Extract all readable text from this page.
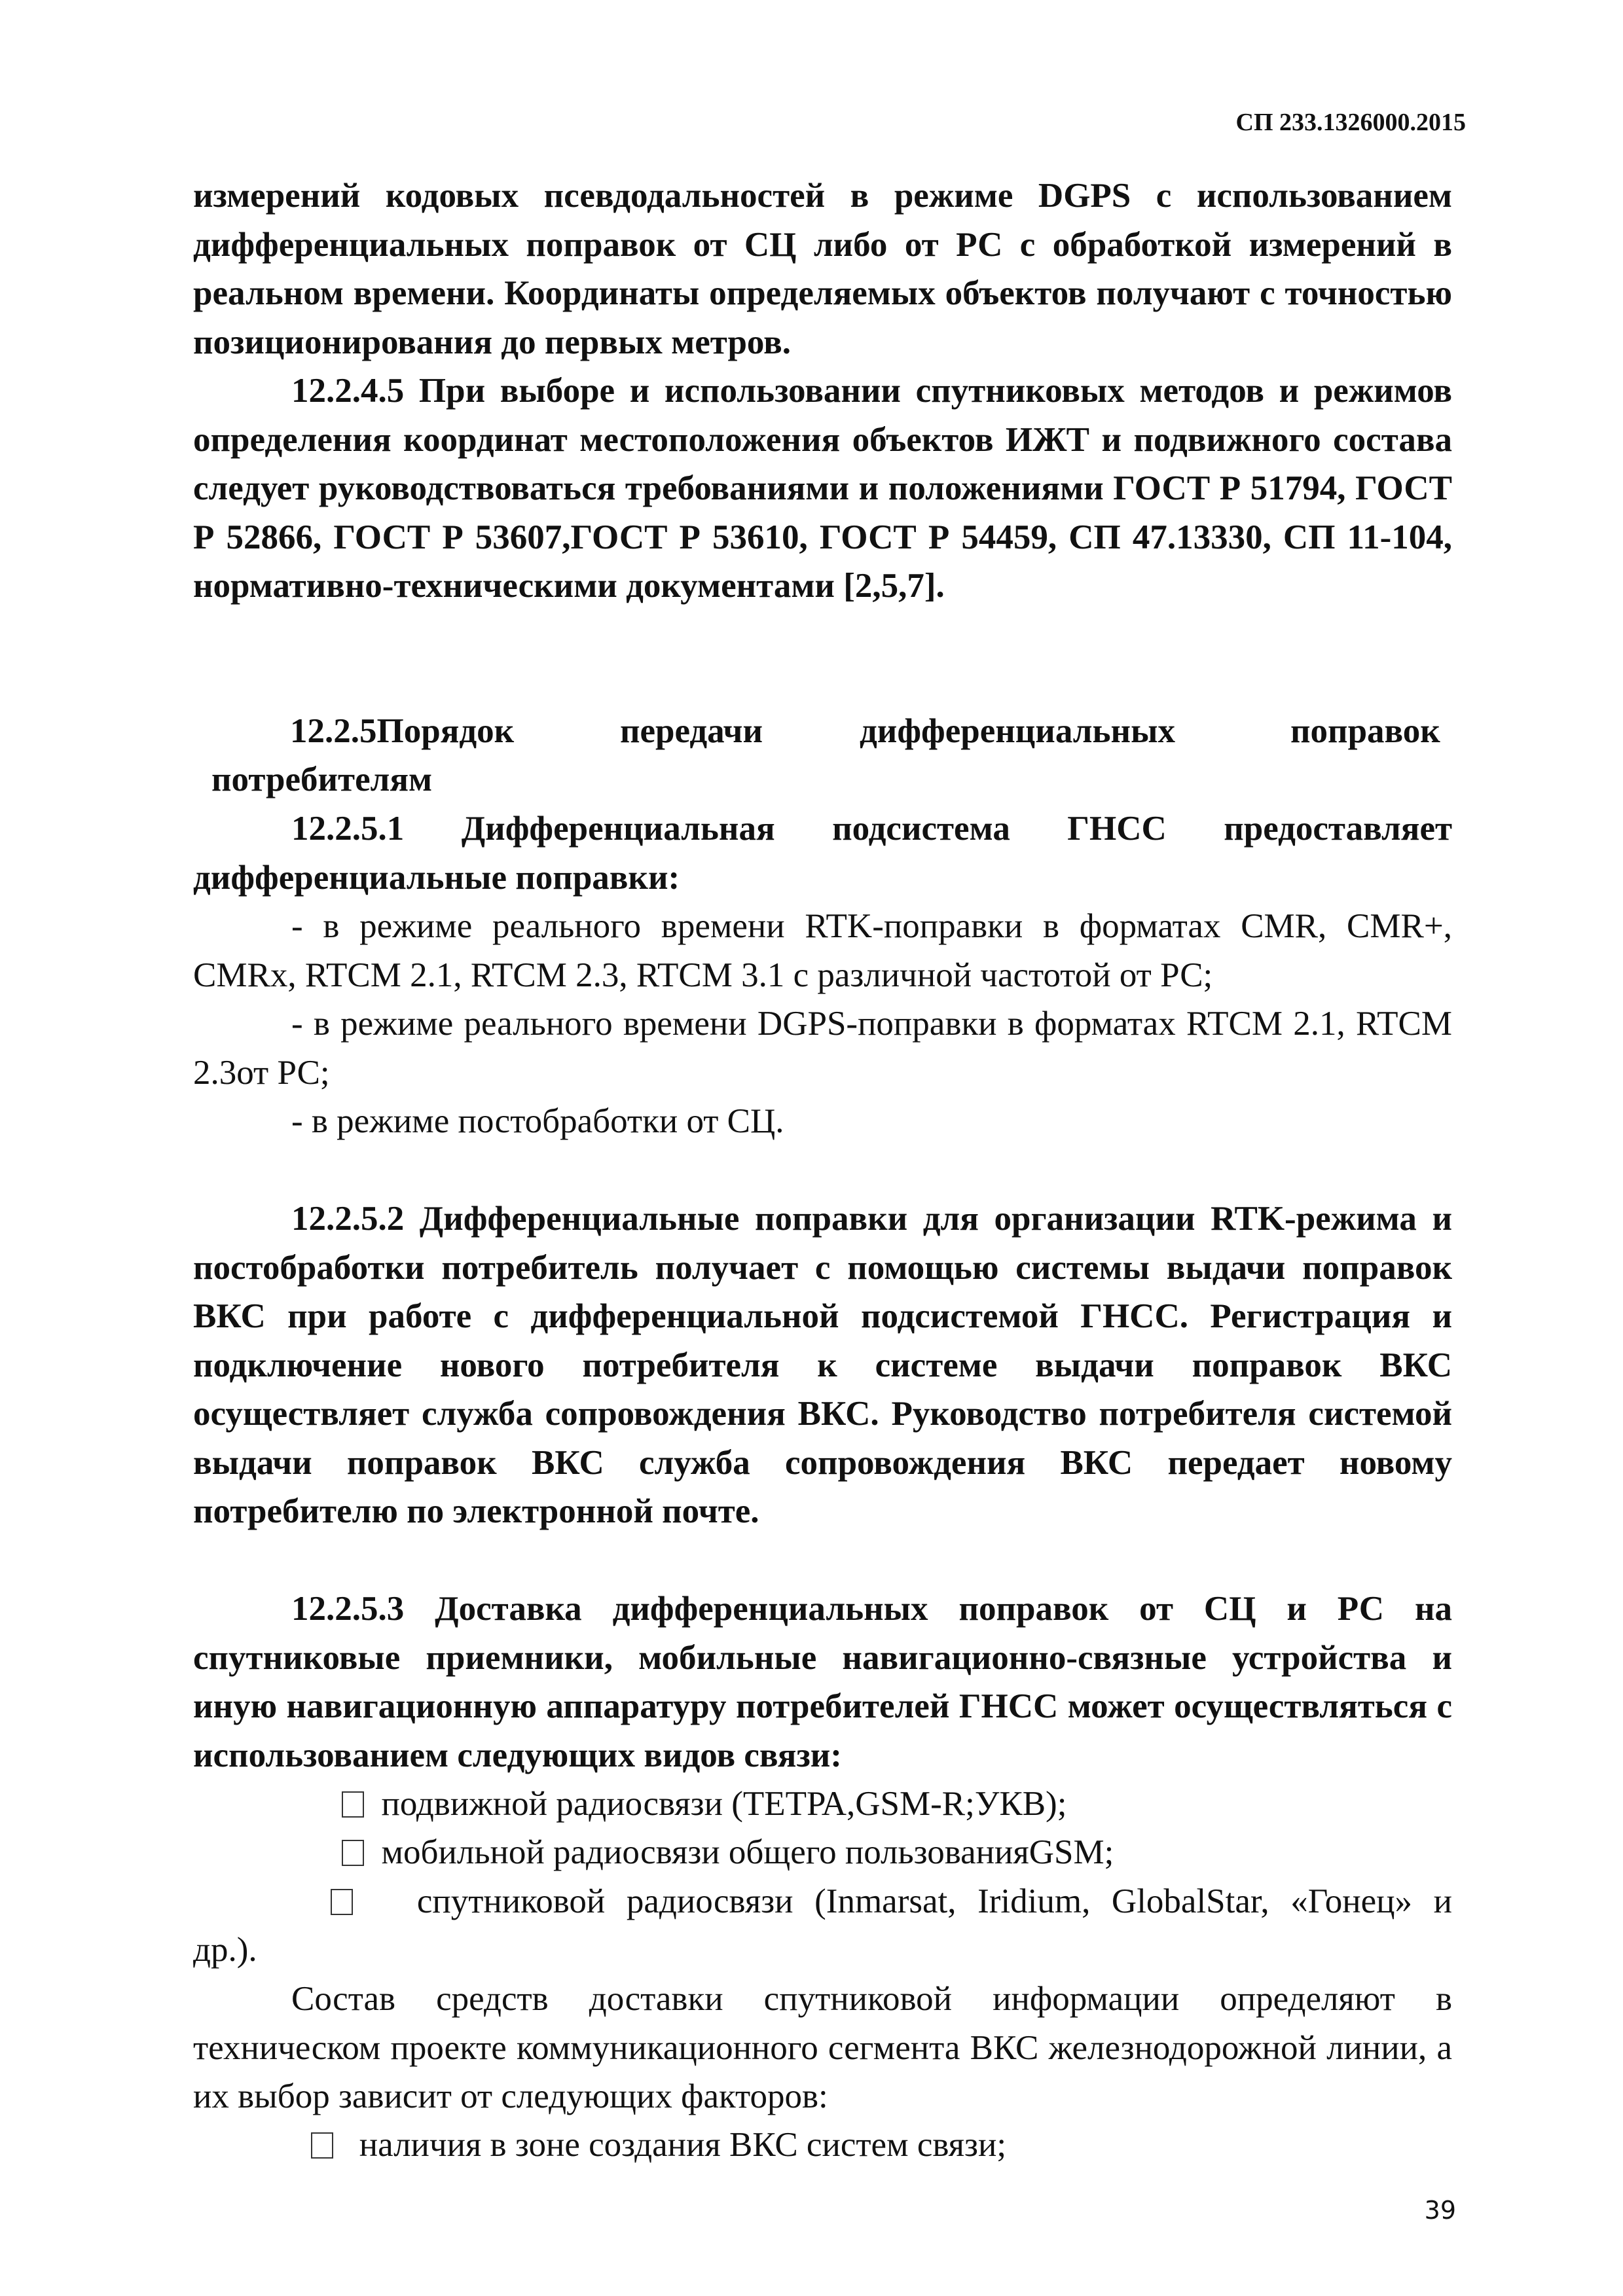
СП 233.1326000.2015

измерений кодовых псевдодальностей в режиме DGPS с использованием дифференциальных поправок от СЦ либо от РС с обработкой измерений в реальном времени. Координаты определяемых объектов получают с точностью позиционирования до первых метров.

12.2.4.5 При выборе и использовании спутниковых методов и режимов определения координат местоположения объектов ИЖТ и подвижного состава следует руководствоваться требованиями и положениями ГОСТ Р 51794, ГОСТ Р 52866, ГОСТ Р 53607,ГОСТ Р 53610, ГОСТ Р 54459, СП 47.13330, СП 11-104, нормативно-техническими документами [2,5,7].

12.2.5Порядок	передачи	дифференциальных	поправок
потребителям

12.2.5.1 Дифференциальная подсистема ГНСС предоставляет дифференциальные поправки:

- в режиме реального времени RTK-поправки в форматах CMR, CMR+, CMRx, RTCM 2.1, RTCM 2.3, RTCM 3.1 с различной частотой от РС;

- в режиме реального времени DGPS-поправки в форматах RTCM 2.1, RTCM 2.3от РС;

- в режиме постобработки от СЦ.

12.2.5.2 Дифференциальные поправки для организации RTK-режима и постобработки потребитель получает с помощью системы выдачи поправок ВКС при работе с дифференциальной подсистемой ГНСС. Регистрация и подключение нового потребителя к системе выдачи поправок ВКС осуществляет служба сопровождения ВКС. Руководство потребителя системой выдачи поправок ВКС служба сопровождения ВКС передает новому потребителю по электронной почте.

12.2.5.3 Доставка дифференциальных поправок от СЦ и РС на спутниковые приемники, мобильные навигационно-связные устройства и иную навигационную аппаратуру потребителей ГНСС может осуществляться с использованием следующих видов связи:

подвижной радиосвязи (ТЕТРА,GSM-R;УКВ);
мобильной радиосвязи общего пользованияGSM;
спутниковой радиосвязи (Inmarsat, Iridium, GlobalStar, «Гонец» и
др.).

Состав средств доставки спутниковой информации определяют в техническом проекте коммуникационного сегмента ВКС железнодорожной линии, а их выбор зависит от следующих факторов:

наличия в зоне создания ВКС систем связи;
39
